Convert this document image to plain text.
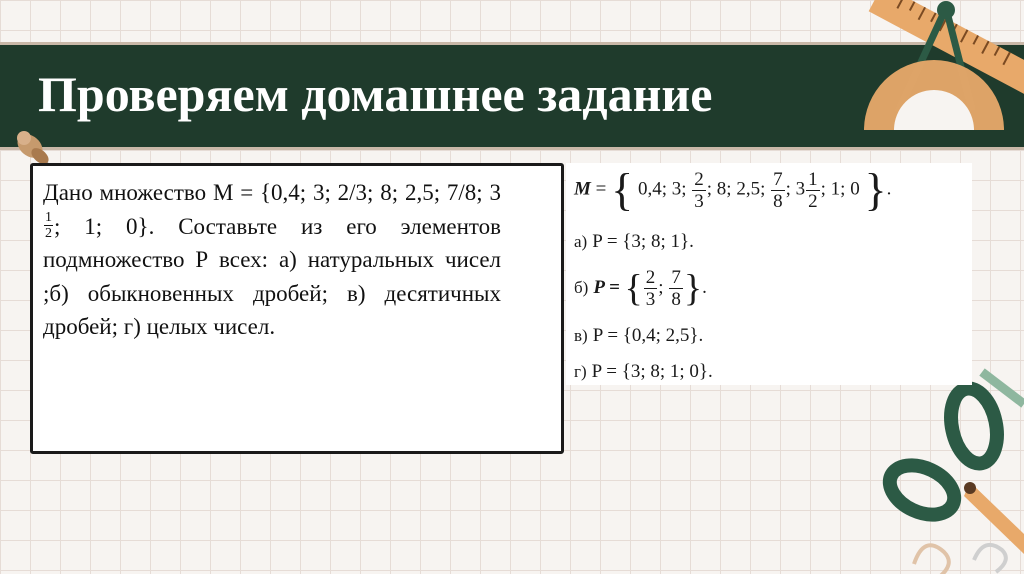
Проверяем домашнее задание
Дано множество М = {0,4; 3; 2/3; 8; 2,5; 7/8; 3
$\frac{1}{2}$ ; 1; 0}. Составьте из его элементов подмножество Р всех: а) натуральных чисел ;б) обыкновенных дробей; в) десятичных дробей; г) целых чисел.
M = { 0,4; 3; $\frac{2}{3}$ ; 8; 2,5; $\frac{7}{8}$ ; $3 \frac{1}{2}$ ; 1; 0 }.
а) P = {3; 8; 1}.
б) P = { $\frac{2}{3}$ ; $\frac{7}{8}$ }.
в) P = {0,4; 2,5}.
г) P = {3; 8; 1; 0}.
